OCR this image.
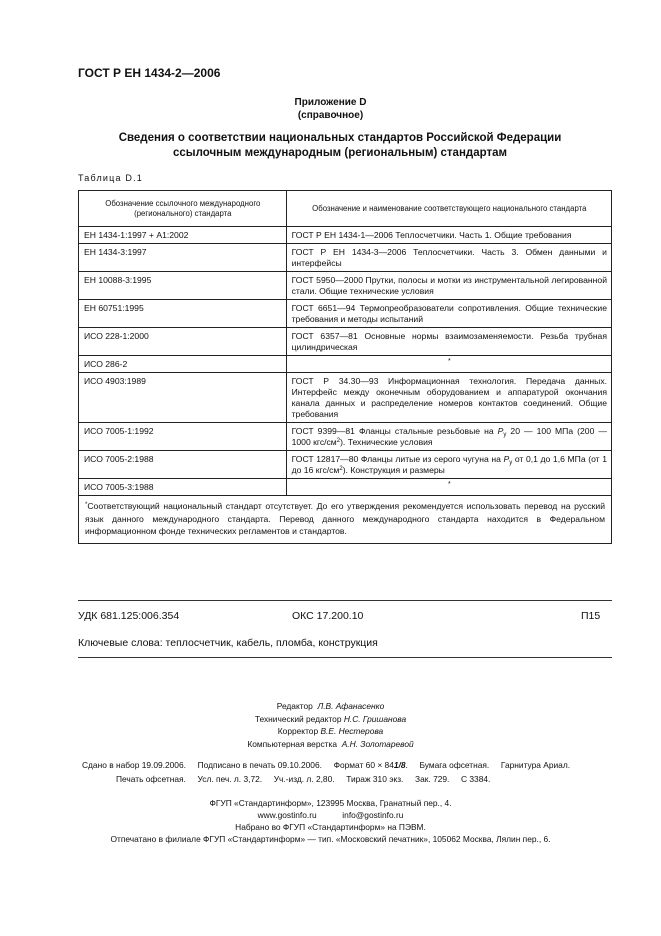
ГОСТ Р ЕН 1434-2—2006
Приложение D
(справочное)
Сведения о соответствии национальных стандартов Российской Федерации
ссылочным международным (региональным) стандартам
Таблица D.1
Обозначение ссылочного международного (регионального) стандарта	Обозначение и наименование соответствующего национального стандарта
ЕН 1434-1:1997 + А1:2002	ГОСТ Р ЕН 1434-1—2006 Теплосчетчики. Часть 1. Общие требования
ЕН 1434-3:1997	ГОСТ Р ЕН 1434-3—2006 Теплосчетчики. Часть 3. Обмен данными и интерфейсы
ЕН 10088-3:1995	ГОСТ 5950—2000 Прутки, полосы и мотки из инструментальной легированной стали. Общие технические условия
ЕН 60751:1995	ГОСТ 6651—94 Термопреобразователи сопротивления. Общие технические требования и методы испытаний
ИСО 228-1:2000	ГОСТ 6357—81 Основные нормы взаимозаменяемости. Резьба трубная цилиндрическая
ИСО 286-2	*
ИСО 4903:1989	ГОСТ Р 34.30—93 Информационная технология. Передача данных. Интерфейс между оконечным оборудованием и аппаратурой окончания канала данных и распределение номеров контактов соединений. Общие требования
ИСО 7005-1:1992	ГОСТ 9399—81 Фланцы стальные резьбовые на $P_y$ 20 — 100 МПа (200 — 1000 кгс/$см^2$). Технические условия
ИСО 7005-2:1988	ГОСТ 12817—80 Фланцы литые из серого чугуна на $P_y$ от 0,1 до 1,6 МПа (от 1 до 16 кгс/$см^2$). Конструкция и размеры
ИСО 7005-3:1988	*
*Соответствующий национальный стандарт отсутствует. До его утверждения рекомендуется использовать перевод на русский язык данного международного стандарта. Перевод данного международного стандарта находится в Федеральном информационном фонде технических регламентов и стандартов.	
УДК 681.125:006.354	ОКС 17.200.10	П15
Ключевые слова: теплосчетчик, кабель, пломба, конструкция
Редактор Л.В. Афанасенко
Технический редактор Н.С. Гришанова
Корректор В.Е. Нестерова
Компьютерная верстка А.Н. Золотаревой
Сдано в набор 19.09.2006. Подписано в печать 09.10.2006. Формат 60 × 841/8. Бумага офсетная. Гарнитура Ариал.
Печать офсетная. Усл. печ. л. 3,72. Уч.-изд. л. 2,80. Тираж 310 экз. Зак. 729. С 3384.
ФГУП «Стандартинформ», 123995 Москва, Гранатный пер., 4.
www.gostinfo.ru	info@gostinfo.ru
Набрано во ФГУП «Стандартинформ» на ПЭВМ.
Отпечатано в филиале ФГУП «Стандартинформ» — тип. «Московский печатник», 105062 Москва, Лялин пер., 6.
